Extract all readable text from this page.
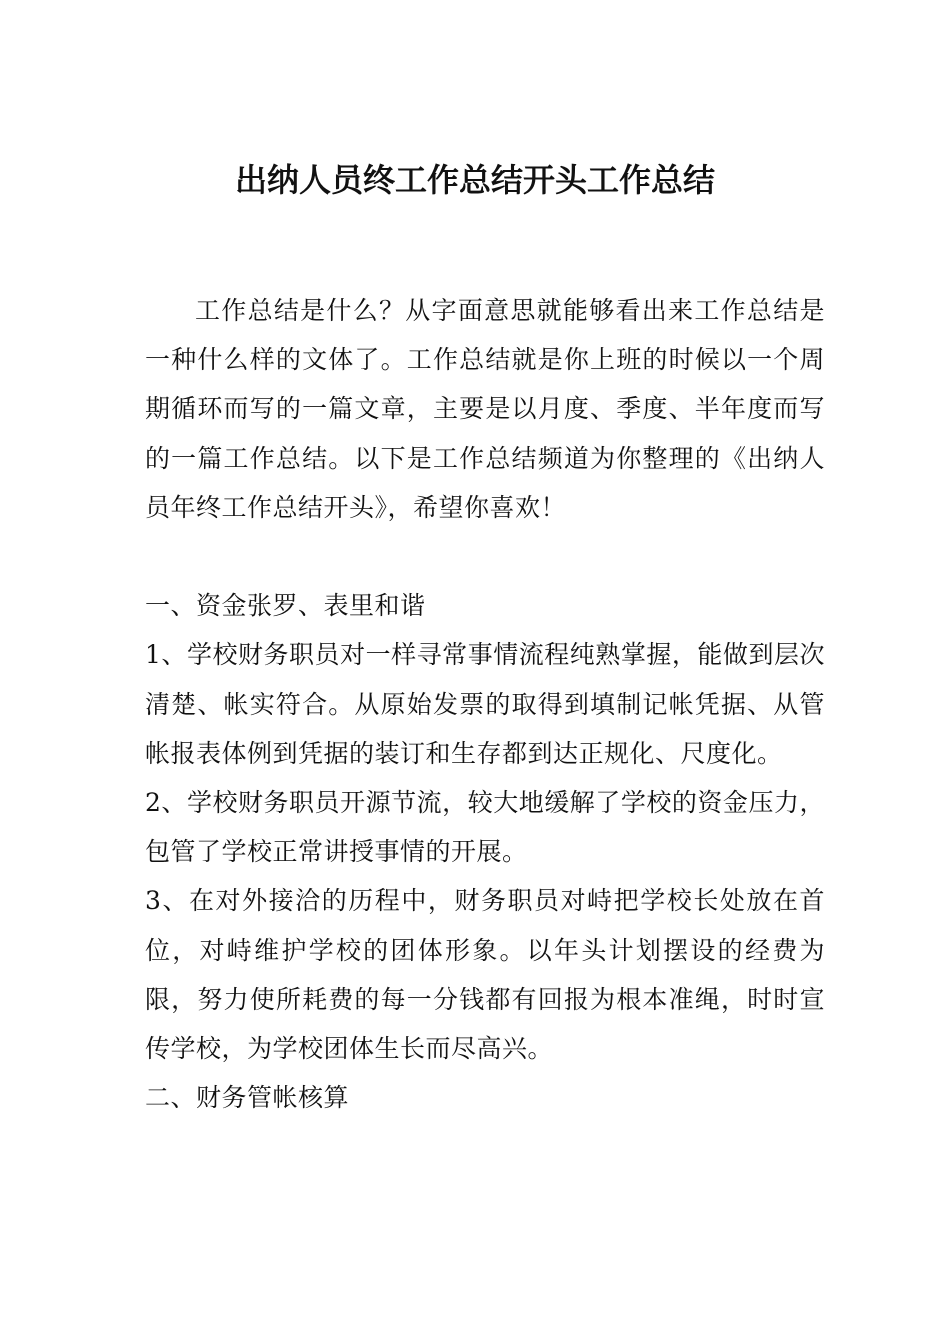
出纳人员终工作总结开头工作总结

工作总结是什么？从字面意思就能够看出来工作总结是一种什么样的文体了。工作总结就是你上班的时候以一个周期循环而写的一篇文章，主要是以月度、季度、半年度而写的一篇工作总结。以下是工作总结频道为你整理的《出纳人员年终工作总结开头》，希望你喜欢！

一、资金张罗、表里和谐

1、学校财务职员对一样寻常事情流程纯熟掌握，能做到层次清楚、帐实符合。从原始发票的取得到填制记帐凭据、从管帐报表体例到凭据的装订和生存都到达正规化、尺度化。

2、学校财务职员开源节流，较大地缓解了学校的资金压力，包管了学校正常讲授事情的开展。

3、在对外接洽的历程中，财务职员对峙把学校长处放在首位，对峙维护学校的团体形象。以年头计划摆设的经费为限，努力使所耗费的每一分钱都有回报为根本准绳，时时宣传学校，为学校团体生长而尽高兴。

二、财务管帐核算
